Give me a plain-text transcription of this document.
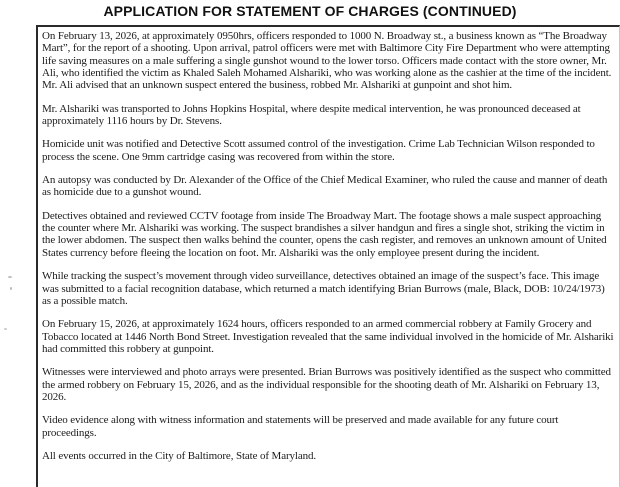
APPLICATION FOR STATEMENT OF CHARGES (CONTINUED)

On February 13, 2026, at approximately 0950hrs, officers responded to 1000 N. Broadway st., a business known as “The Broadway Mart”, for the report of a shooting. Upon arrival, patrol officers were met with Baltimore City Fire Department who were attempting life saving measures on a male suffering a single gunshot wound to the lower torso. Officers made contact with the store owner, Mr. Ali, who identified the victim as Khaled Saleh Mohamed Alshariki, who was working alone as the cashier at the time of the incident. Mr. Ali advised that an unknown suspect entered the business, robbed Mr. Alshariki at gunpoint and shot him.

Mr. Alshariki was transported to Johns Hopkins Hospital, where despite medical intervention, he was pronounced deceased at approximately 1116 hours by Dr. Stevens.

Homicide unit was notified and Detective Scott assumed control of the investigation. Crime Lab Technician Wilson responded to process the scene. One 9mm cartridge casing was recovered from within the store.

An autopsy was conducted by Dr. Alexander of the Office of the Chief Medical Examiner, who ruled the cause and manner of death as homicide due to a gunshot wound.

Detectives obtained and reviewed CCTV footage from inside The Broadway Mart. The footage shows a male suspect approaching the counter where Mr. Alshariki was working. The suspect brandishes a silver handgun and fires a single shot, striking the victim in the lower abdomen. The suspect then walks behind the counter, opens the cash register, and removes an unknown amount of United States currency before fleeing the location on foot. Mr. Alshariki was the only employee present during the incident.

While tracking the suspect’s movement through video surveillance, detectives obtained an image of the suspect’s face. This image was submitted to a facial recognition database, which returned a match identifying Brian Burrows (male, Black, DOB: 10/24/1973) as a possible match.

On February 15, 2026, at approximately 1624 hours, officers responded to an armed commercial robbery at Family Grocery and Tobacco located at 1446 North Bond Street. Investigation revealed that the same individual involved in the homicide of Mr. Alshariki had committed this robbery at gunpoint.

Witnesses were interviewed and photo arrays were presented. Brian Burrows was positively identified as the suspect who committed the armed robbery on February 15, 2026, and as the individual responsible for the shooting death of Mr. Alshariki on February 13, 2026.

Video evidence along with witness information and statements will be preserved and made available for any future court proceedings.

All events occurred in the City of Baltimore, State of Maryland.
